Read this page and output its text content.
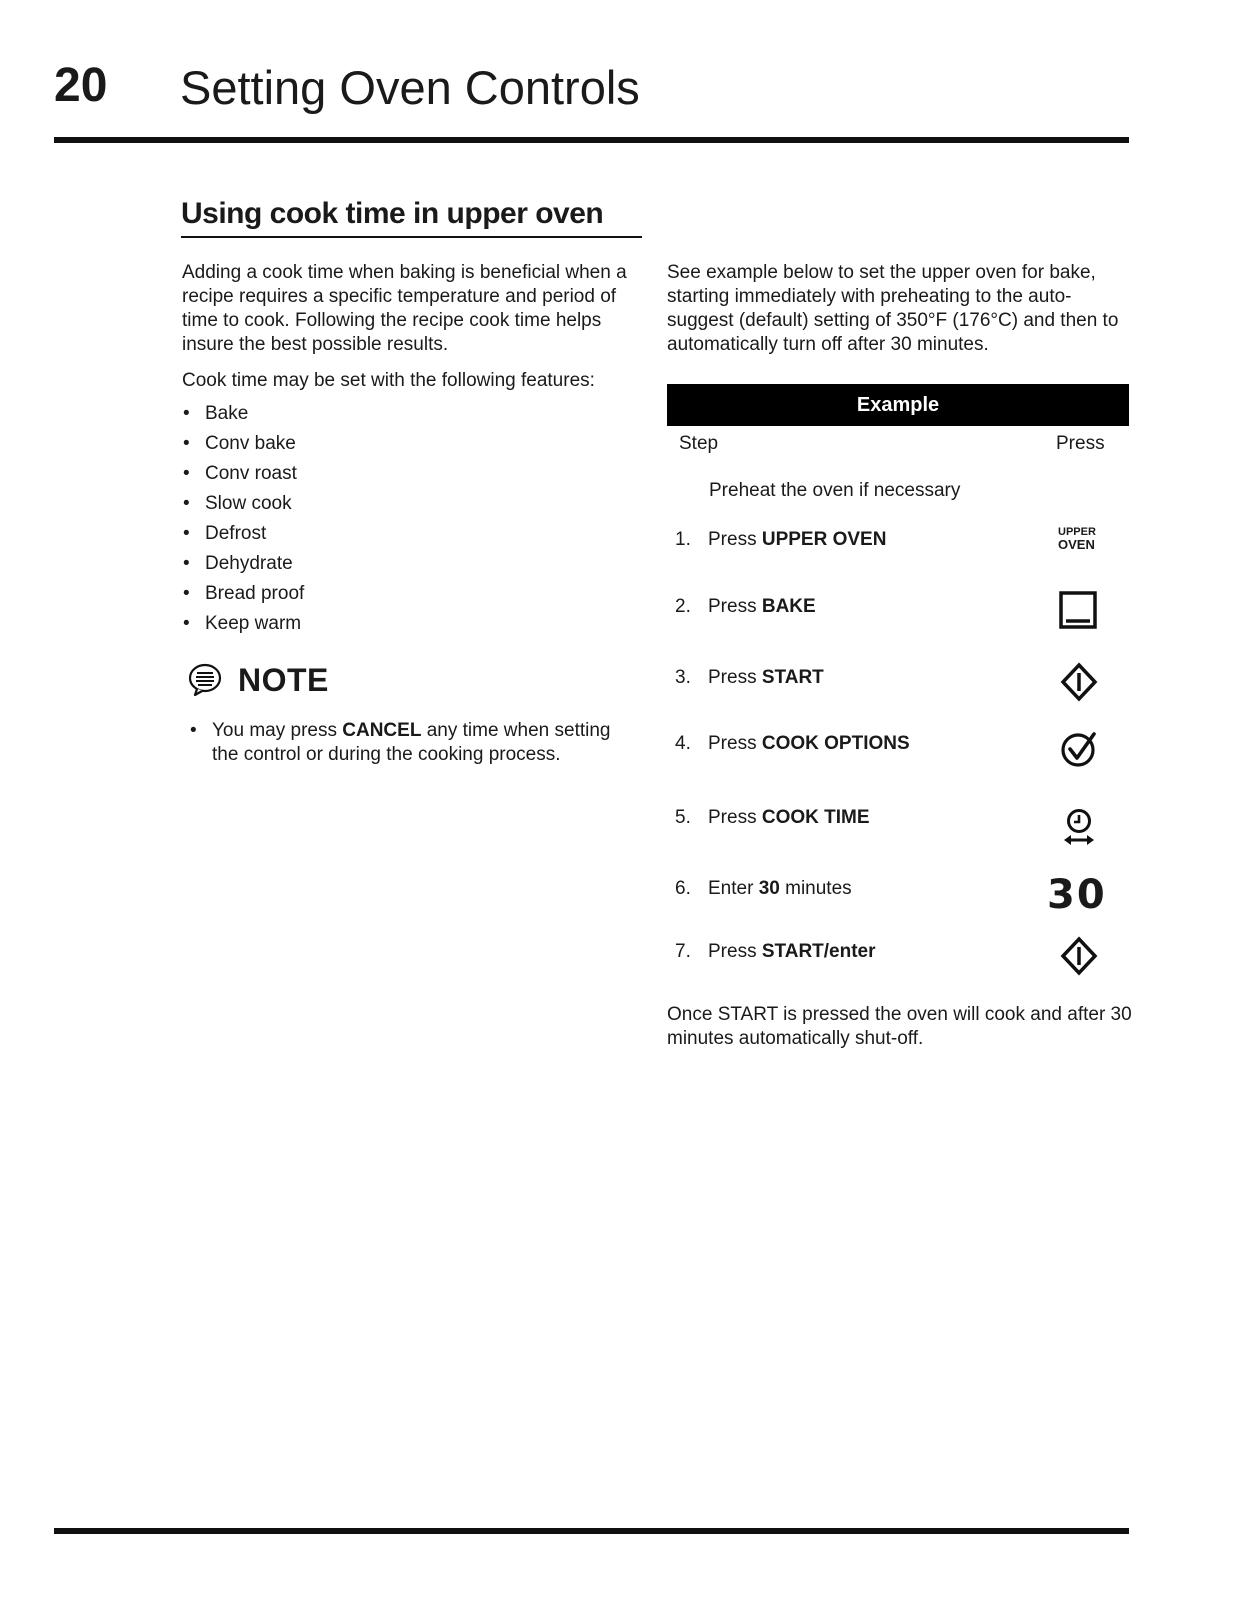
20 Setting Oven Controls
Using cook time in upper oven

Adding a cook time when baking is beneficial when a recipe requires a specific temperature and period of time to cook. Following the recipe cook time helps insure the best possible results.

Cook time may be set with the following features:

• Bake
• Conv bake
• Conv roast
• Slow cook
• Defrost
• Dehydrate
• Bread proof
• Keep warm
NOTE
• You may press CANCEL any time when setting the control or during the cooking process.

See example below to set the upper oven for bake, starting immediately with preheating to the auto-suggest (default) setting of 350°F (176°C) and then to automatically turn off after 30 minutes.

Example
Step	Press
Preheat the oven if necessary
1. Press UPPER OVEN
2. Press BAKE
3. Press START
4. Press COOK OPTIONS
5. Press COOK TIME
6. Enter 30 minutes
7. Press START/enter
UPPER
OVEN
30

Once START is pressed the oven will cook and after 30 minutes automatically shut-off.
